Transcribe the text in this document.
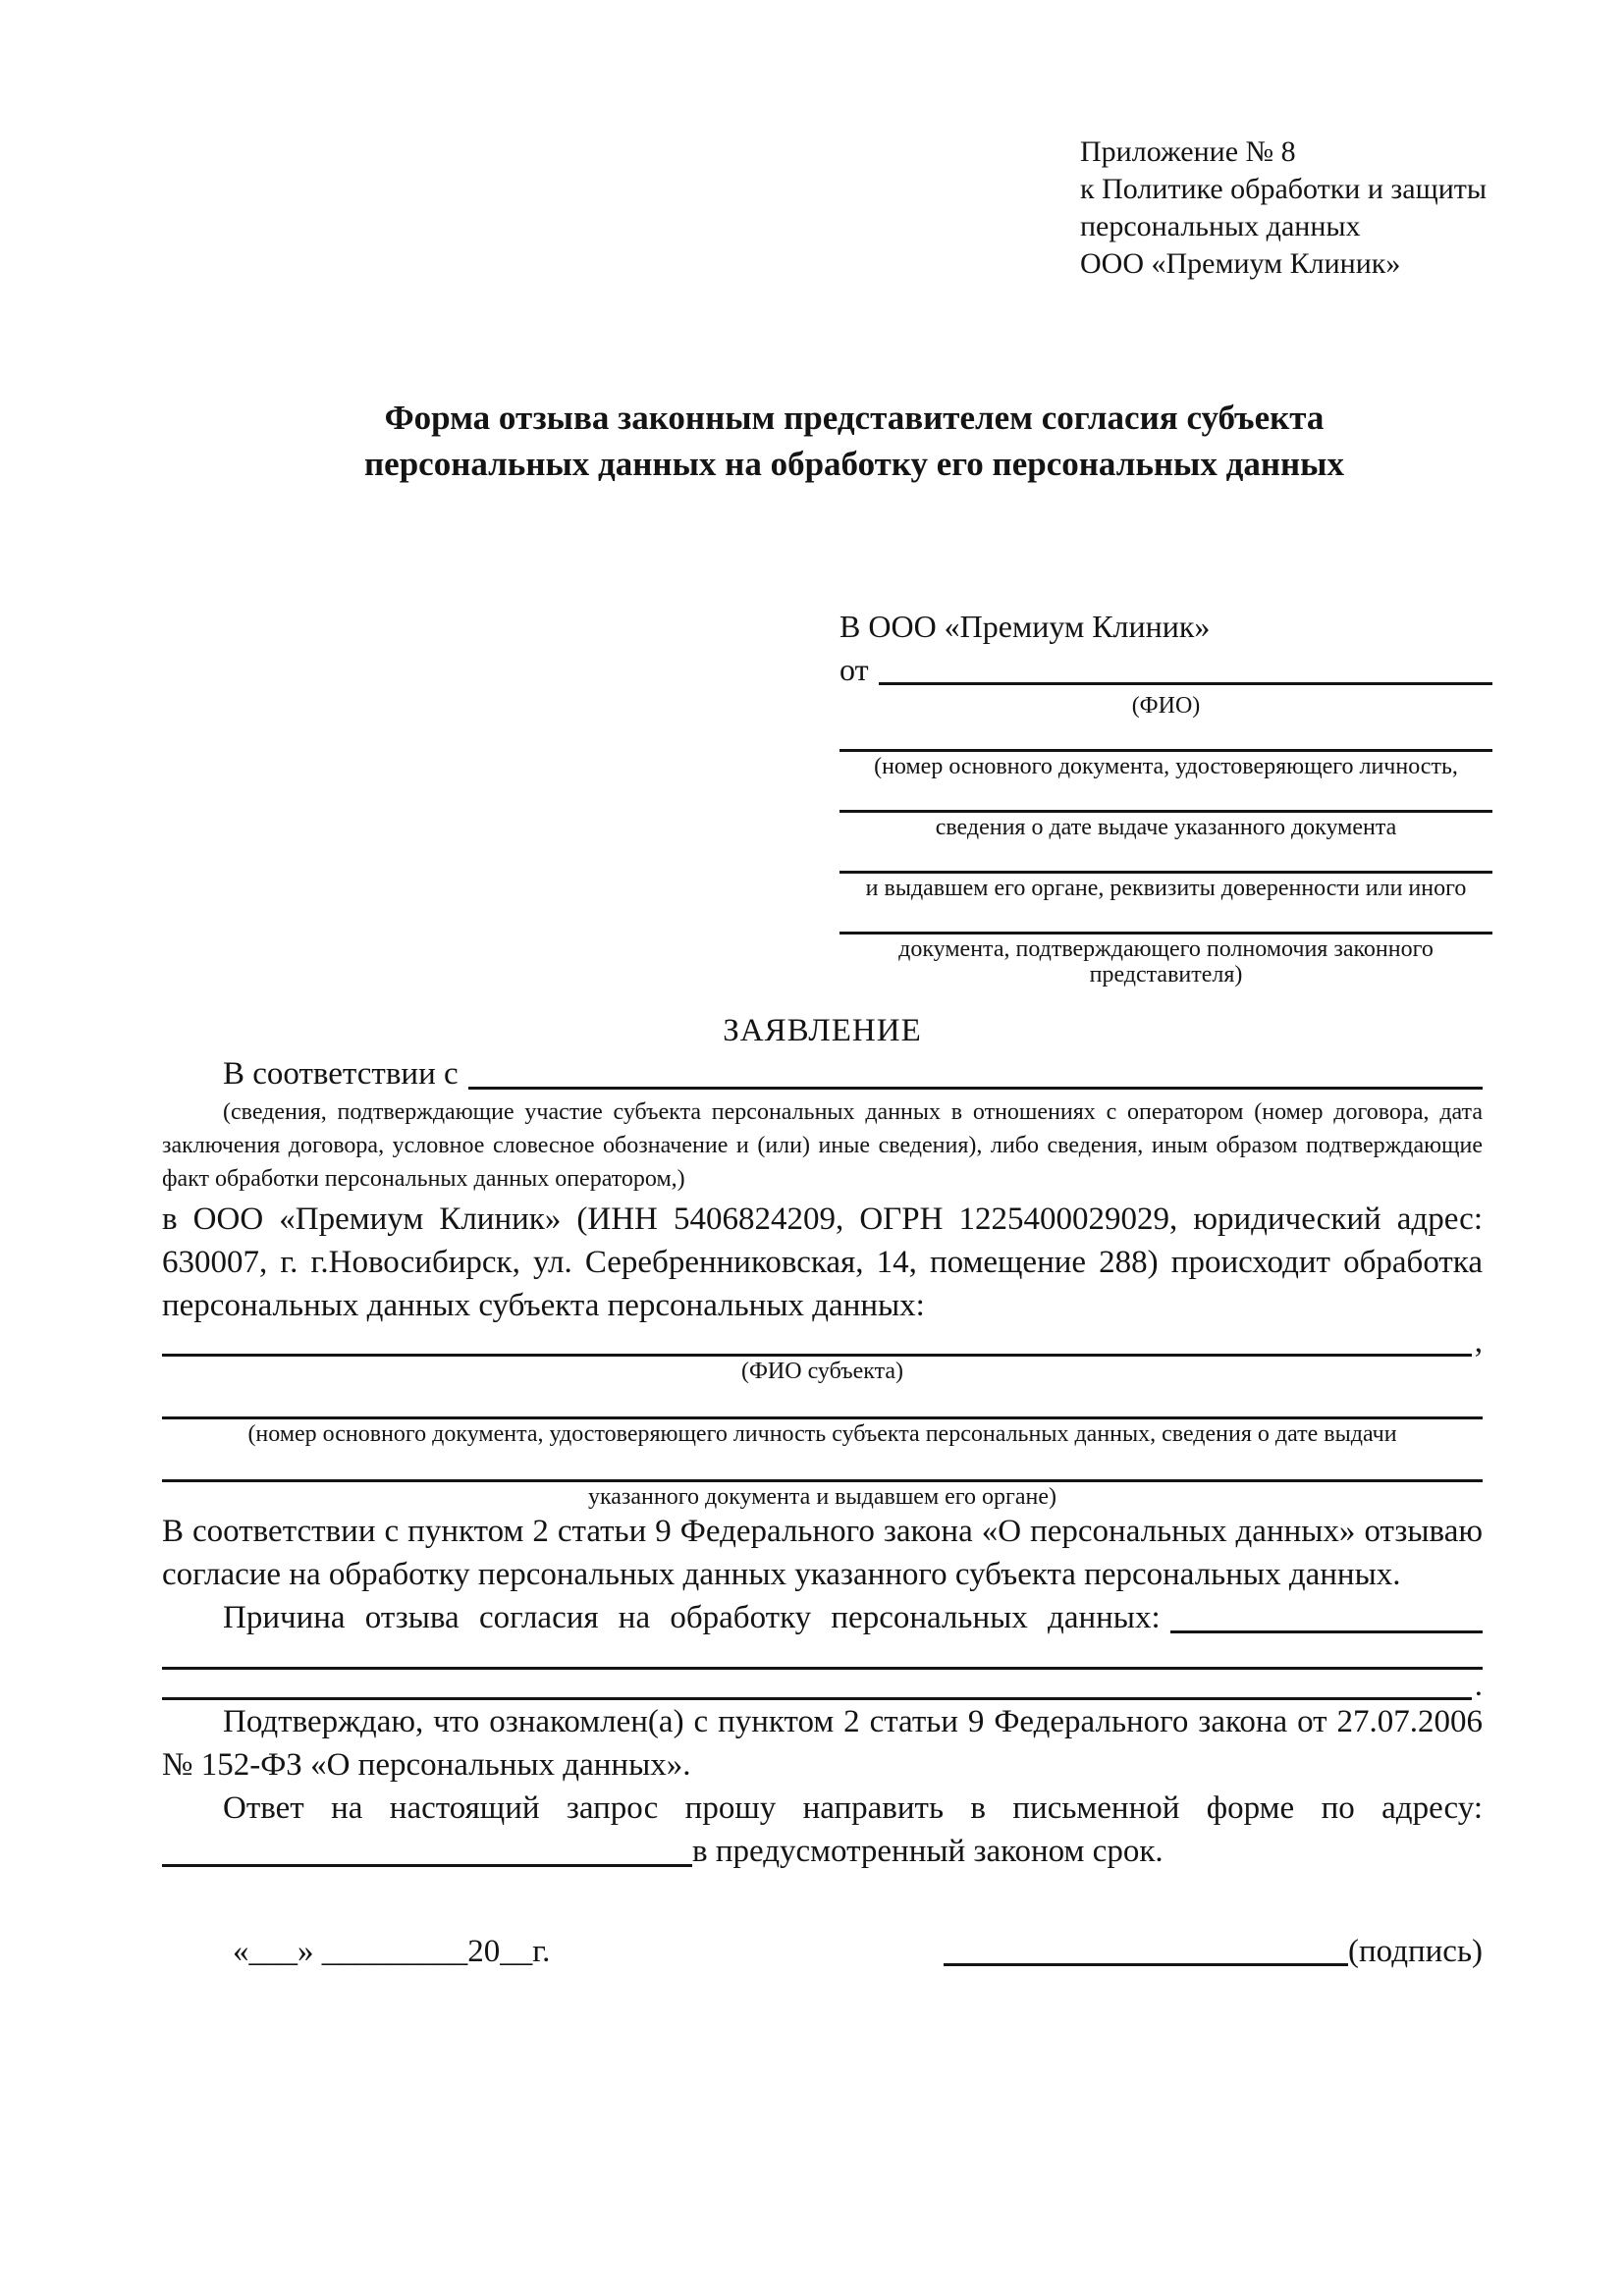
Приложение № 8
к Политике обработки и защиты
персональных данных
ООО «Премиум Клиник»
Форма отзыва законным представителем согласия субъекта
персональных данных на обработку его персональных данных
В ООО «Премиум Клиник»
от
(ФИО)
(номер основного документа, удостоверяющего личность,
сведения о дате выдаче указанного документа
и выдавшем его органе, реквизиты доверенности или иного
документа, подтверждающего полномочия законного представителя)
ЗАЯВЛЕНИЕ
В соответствии с

(сведения, подтверждающие участие субъекта персональных данных в отношениях с оператором (номер договора, дата заключения договора, условное словесное обозначение и (или) иные сведения), либо сведения, иным образом подтверждающие факт обработки персональных данных оператором,)

в ООО «Премиум Клиник» (ИНН 5406824209, ОГРН 1225400029029, юридический адрес: 630007, г. г.Новосибирск, ул. Серебренниковская, 14, помещение 288) происходит обработка персональных данных субъекта персональных данных:

,
(ФИО субъекта)
(номер основного документа, удостоверяющего личность субъекта персональных данных, сведения о дате выдачи
указанного документа и выдавшем его органе)

В соответствии с пунктом 2 статьи 9 Федерального закона «О персональных данных» отзываю согласие на обработку персональных данных указанного субъекта персональных данных.

Причина отзыва согласия на обработку персональных данных:
.

Подтверждаю, что ознакомлен(а) с пунктом 2 статьи 9 Федерального закона от 27.07.2006 № 152-ФЗ «О персональных данных».

Ответ на настоящий запрос прошу направить в письменной форме по адресу:

в предусмотренный законом срок.
«___» _________20__г.	(подпись)
